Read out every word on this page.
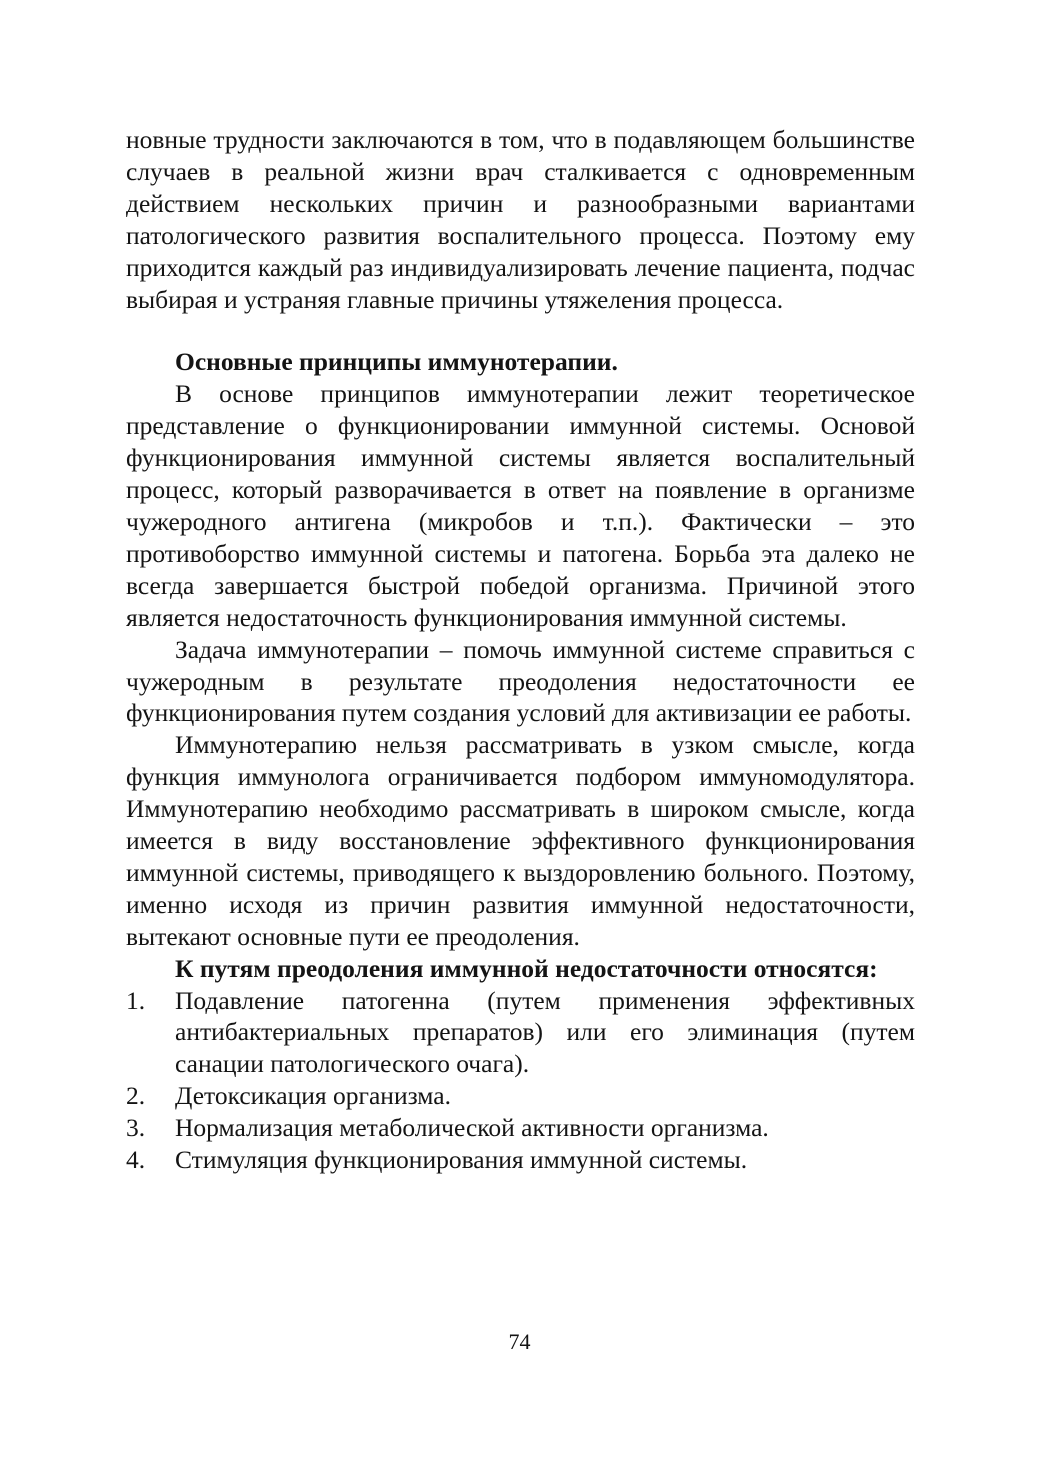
новные трудности заключаются в том, что в подавляющем большинстве случаев в реальной жизни врач сталкивается с одновременным действием нескольких причин и разнообразными вариантами патологического развития воспалительного процесса. Поэтому ему приходится каждый раз индивидуализировать лечение пациента, подчас выбирая и устраняя главные причины утяжеления процесса.

Основные принципы иммунотерапии.

В основе принципов иммунотерапии лежит теоретическое представление о функционировании иммунной системы. Основой функционирования иммунной системы является воспалительный процесс, который разворачивается в ответ на появление в организме чужеродного антигена (микробов и т.п.). Фактически – это противоборство иммунной системы и патогена. Борьба эта далеко не всегда завершается быстрой победой организма. Причиной этого является недостаточность функционирования иммунной системы.

Задача иммунотерапии – помочь иммунной системе справиться с чужеродным в результате преодоления недостаточности ее функционирования путем создания условий для активизации ее работы.

Иммунотерапию нельзя рассматривать в узком смысле, когда функция иммунолога ограничивается подбором иммуномодулятора. Иммунотерапию необходимо рассматривать в широком смысле, когда имеется в виду восстановление эффективного функционирования иммунной системы, приводящего к выздоровлению больного. Поэтому, именно исходя из причин развития иммунной недостаточности, вытекают основные пути ее преодоления.

К путям преодоления иммунной недостаточности относятся:

1.	Подавление патогенна (путем применения эффективных антибактериальных препаратов) или его элиминация (путем санации патологического очага).
2.	Детоксикация организма.
3.	Нормализация метаболической активности организма.
4.	Стимуляция функционирования иммунной системы.
74
